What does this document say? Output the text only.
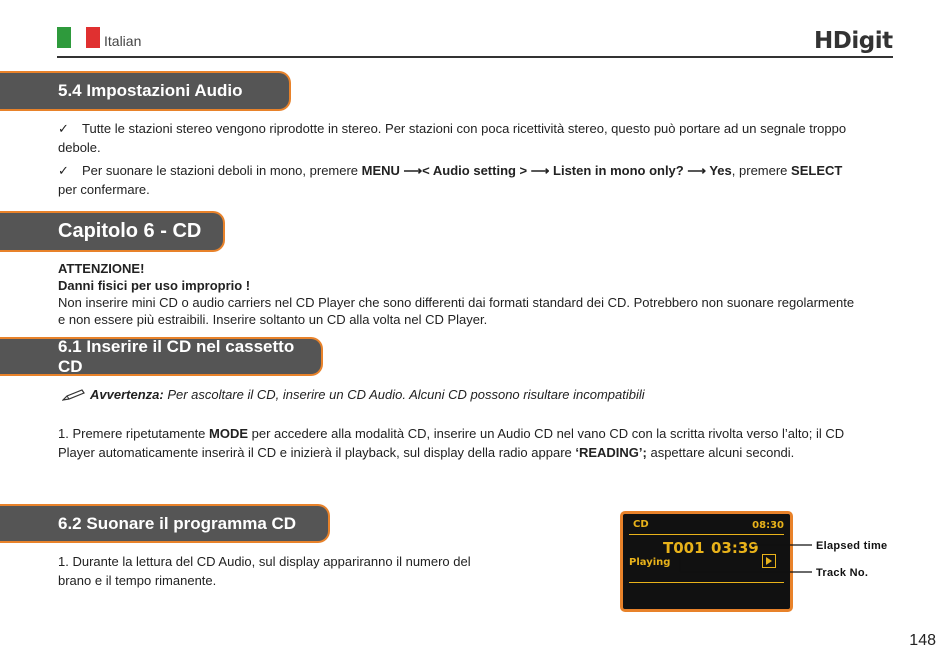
Italian	HDigit
5.4 Impostazioni Audio
✓ Tutte le stazioni stereo vengono riprodotte in stereo. Per stazioni con poca ricettività stereo, questo può portare ad un segnale troppo debole.
✓ Per suonare le stazioni deboli in mono, premere MENU ⟶< Audio setting > ⟶ Listen in mono only? ⟶ Yes, premere SELECT per confermare.
Capitolo 6 - CD
ATTENZIONE!
Danni fisici per uso improprio !
Non inserire mini CD o audio carriers nel CD Player che sono differenti dai formati standard dei CD. Potrebbero non suonare regolarmente e non essere più estraibili. Inserire soltanto un CD alla volta nel CD Player.
6.1 Inserire il CD nel cassetto CD
Avvertenza: Per ascoltare il CD, inserire un CD Audio. Alcuni CD possono risultare incompatibili
1. Premere ripetutamente MODE per accedere alla modalità CD, inserire un Audio CD nel vano CD con la scritta rivolta verso l’alto; il CD Player automaticamente inserirà il CD e inizierà il playback, sul display della radio appare ‘READING’; aspettare alcuni secondi.
6.2 Suonare il programma CD
1. Durante la lettura del CD Audio, sul display appariranno il numero del brano e il tempo rimanente.
CD	08:30
T001 03:39
Playing
Elapsed time
Track No.
148
